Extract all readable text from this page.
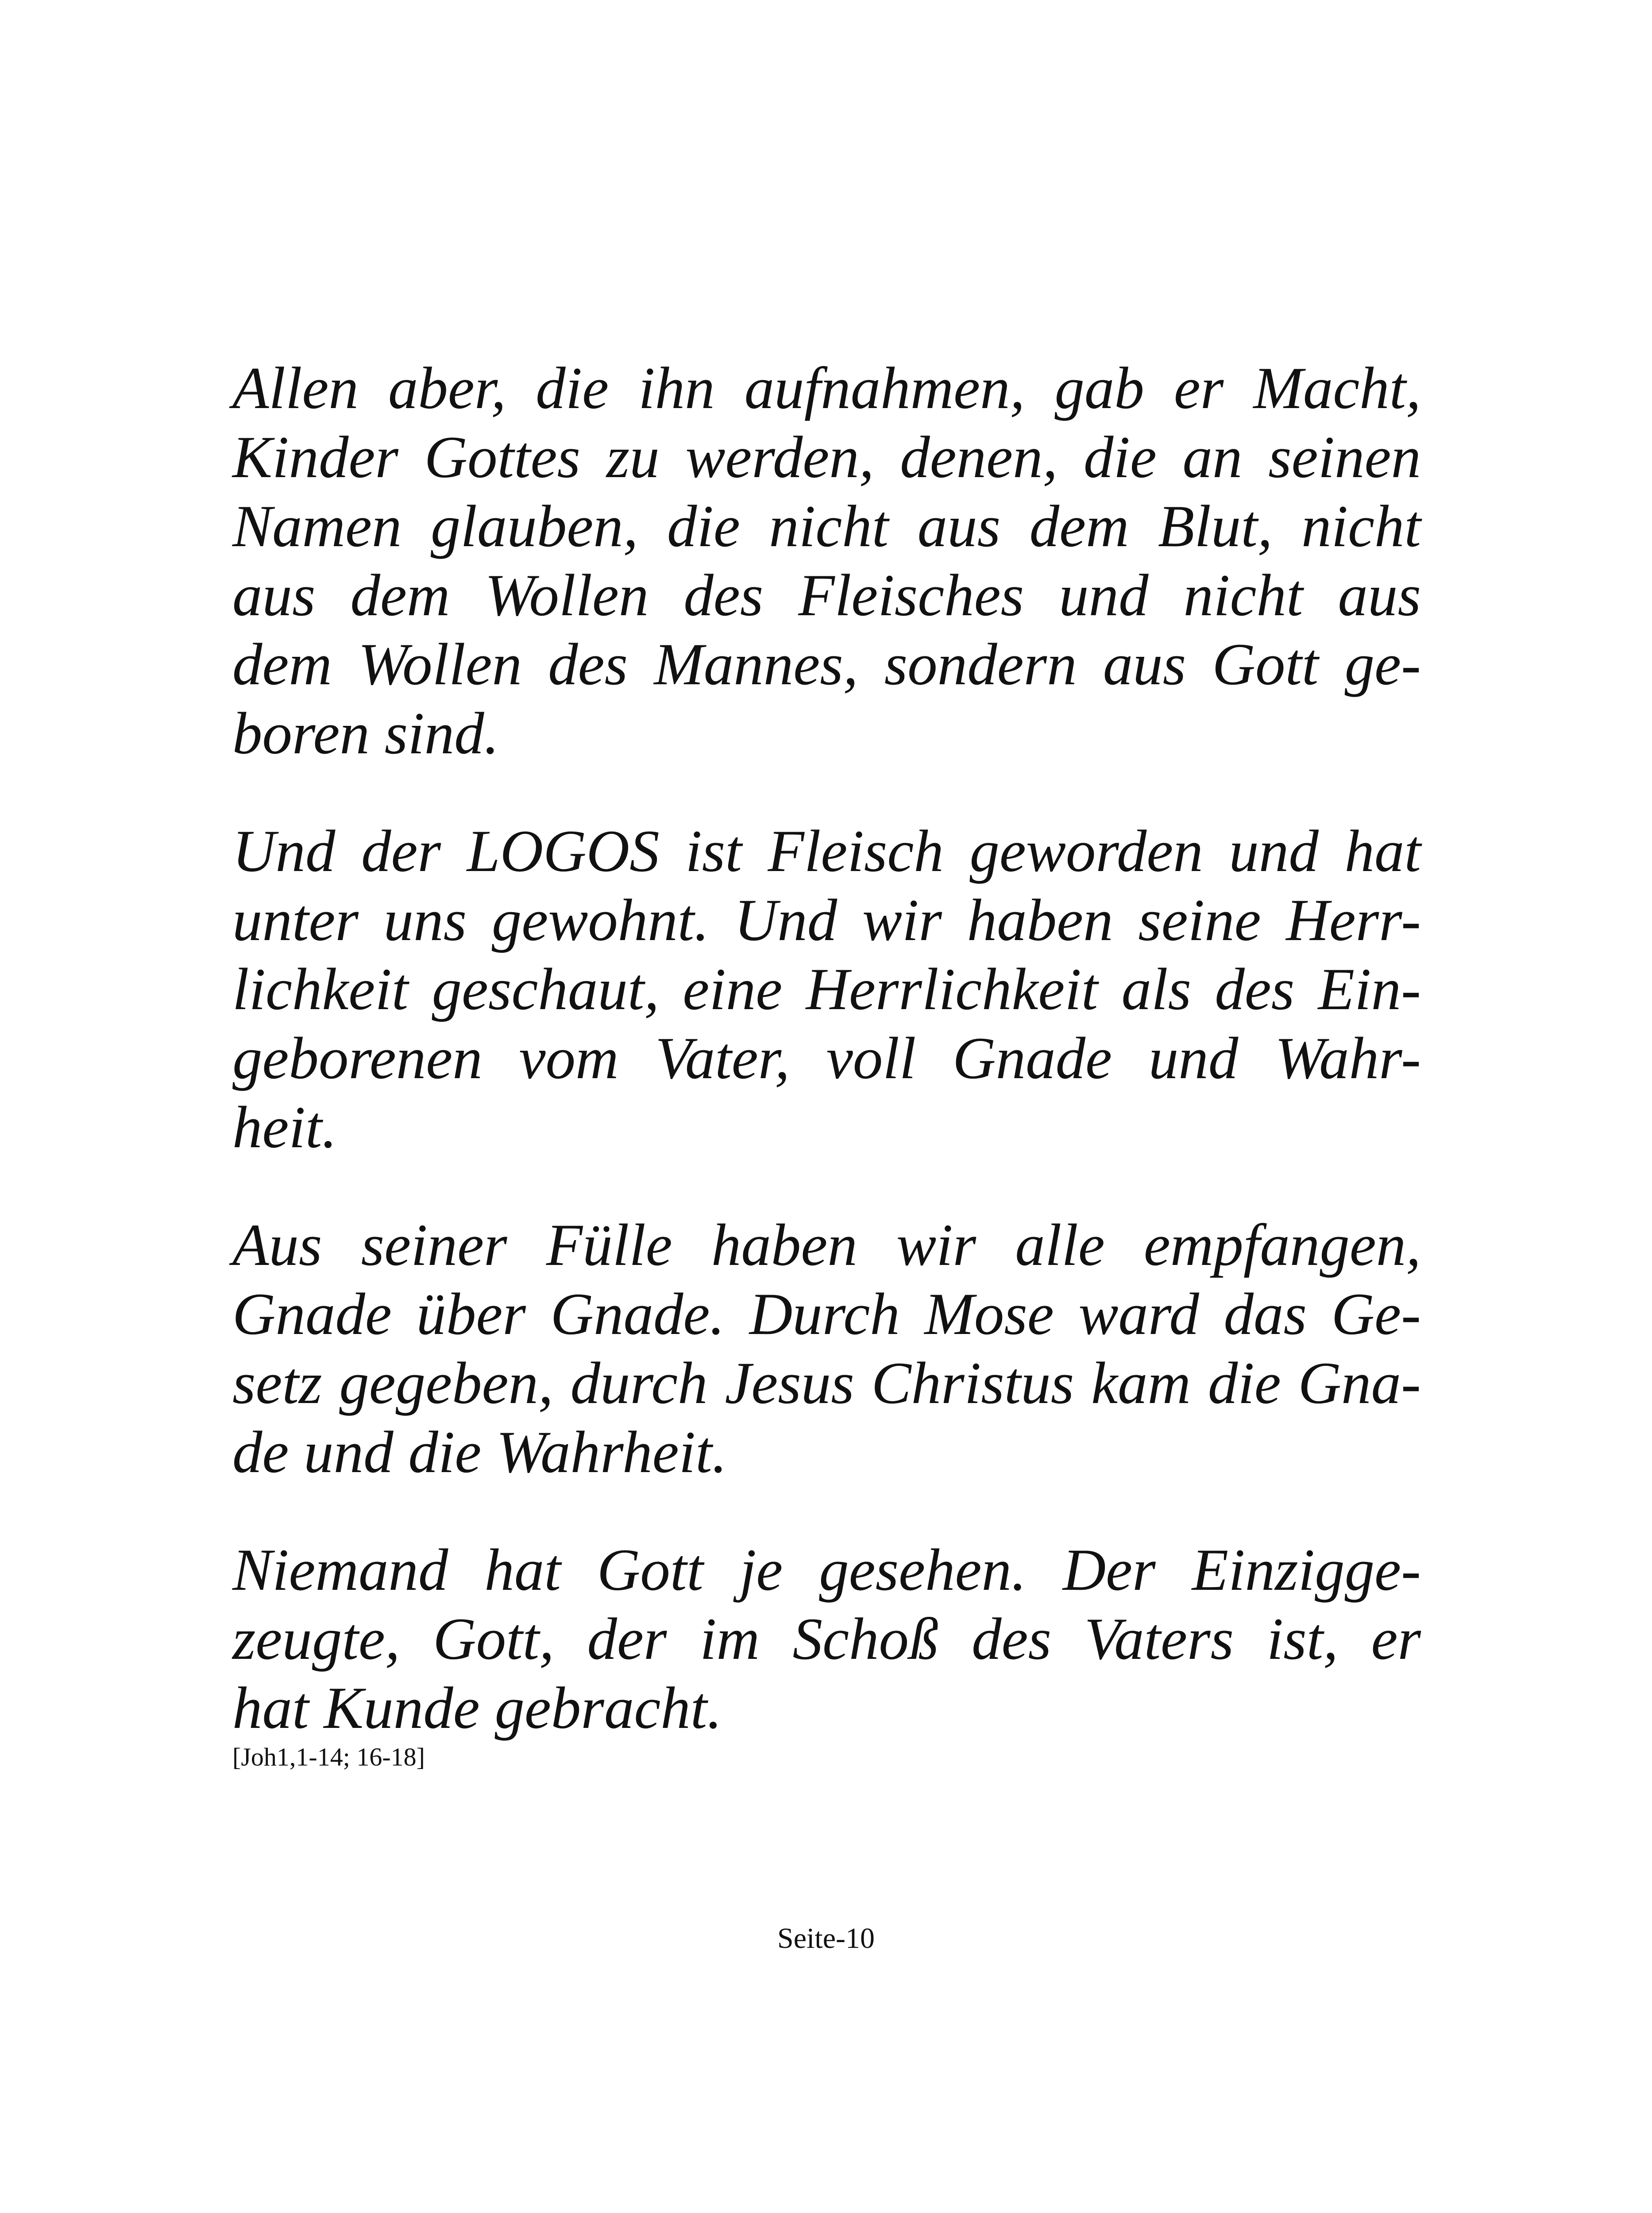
Allen aber, die ihn aufnahmen, gab er Macht,
Kinder Gottes zu werden, denen, die an seinen
Namen glauben, die nicht aus dem Blut, nicht
aus dem Wollen des Fleisches und nicht aus
dem Wollen des Mannes, sondern aus Gott ge-
boren sind.
Und der LOGOS ist Fleisch geworden und hat
unter uns gewohnt. Und wir haben seine Herr-
lichkeit geschaut, eine Herrlichkeit als des Ein-
geborenen vom Vater, voll Gnade und Wahr-
heit.
Aus seiner Fülle haben wir alle empfangen,
Gnade über Gnade. Durch Mose ward das Ge-
setz gegeben, durch Jesus Christus kam die Gna-
de und die Wahrheit.
Niemand hat Gott je gesehen. Der Einzigge-
zeugte, Gott, der im Schoß des Vaters ist, er
hat Kunde gebracht.
[Joh1,1-14; 16-18]
Seite-10
